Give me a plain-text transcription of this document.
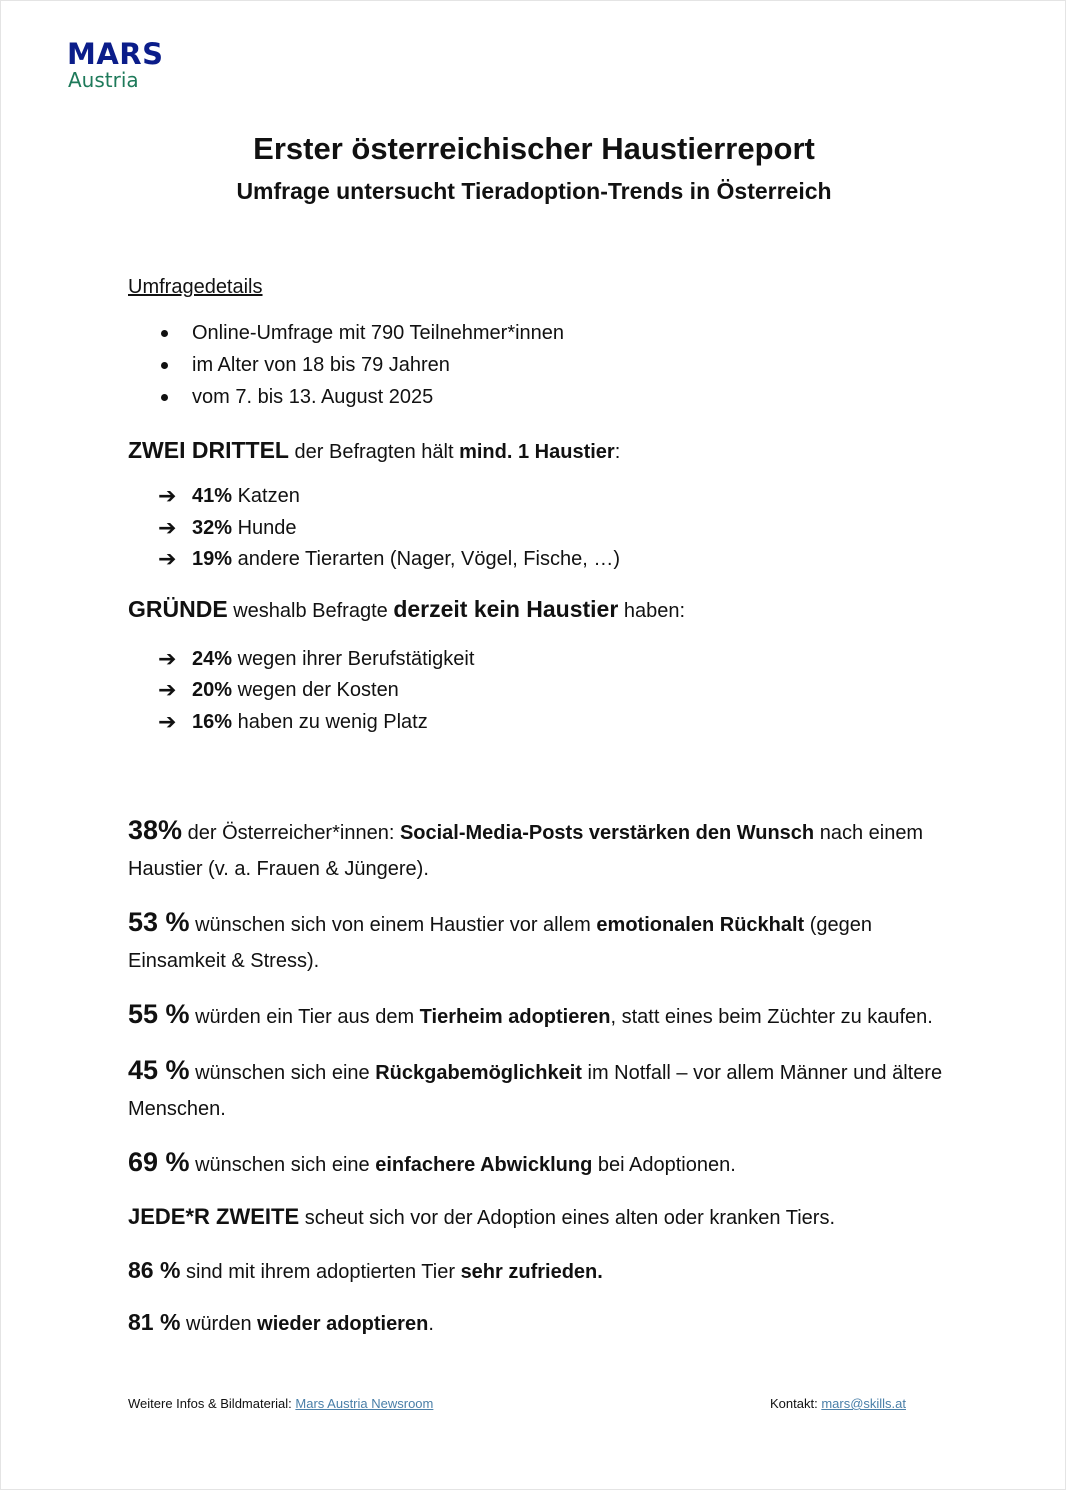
MARS
Austria
Erster österreichischer Haustierreport
Umfrage untersucht Tieradoption-Trends in Österreich

Umfragedetails

Online-Umfrage mit 790 Teilnehmer*innen
im Alter von 18 bis 79 Jahren
vom 7. bis 13. August 2025

ZWEI DRITTEL der Befragten hält mind. 1 Haustier:

➔ 41% Katzen
➔ 32% Hunde
➔ 19% andere Tierarten (Nager, Vögel, Fische, …)

GRÜNDE weshalb Befragte derzeit kein Haustier haben:

➔ 24% wegen ihrer Berufstätigkeit
➔ 20% wegen der Kosten
➔ 16% haben zu wenig Platz

38% der Österreicher*innen: Social-Media-Posts verstärken den Wunsch nach einem Haustier (v. a. Frauen & Jüngere).

53 % wünschen sich von einem Haustier vor allem emotionalen Rückhalt (gegen Einsamkeit & Stress).

55 % würden ein Tier aus dem Tierheim adoptieren, statt eines beim Züchter zu kaufen.

45 % wünschen sich eine Rückgabemöglichkeit im Notfall – vor allem Männer und ältere Menschen.

69 % wünschen sich eine einfachere Abwicklung bei Adoptionen.

JEDE*R ZWEITE scheut sich vor der Adoption eines alten oder kranken Tiers.

86 % sind mit ihrem adoptierten Tier sehr zufrieden.

81 % würden wieder adoptieren.

Weitere Infos & Bildmaterial: Mars Austria Newsroom	Kontakt: mars@skills.at
